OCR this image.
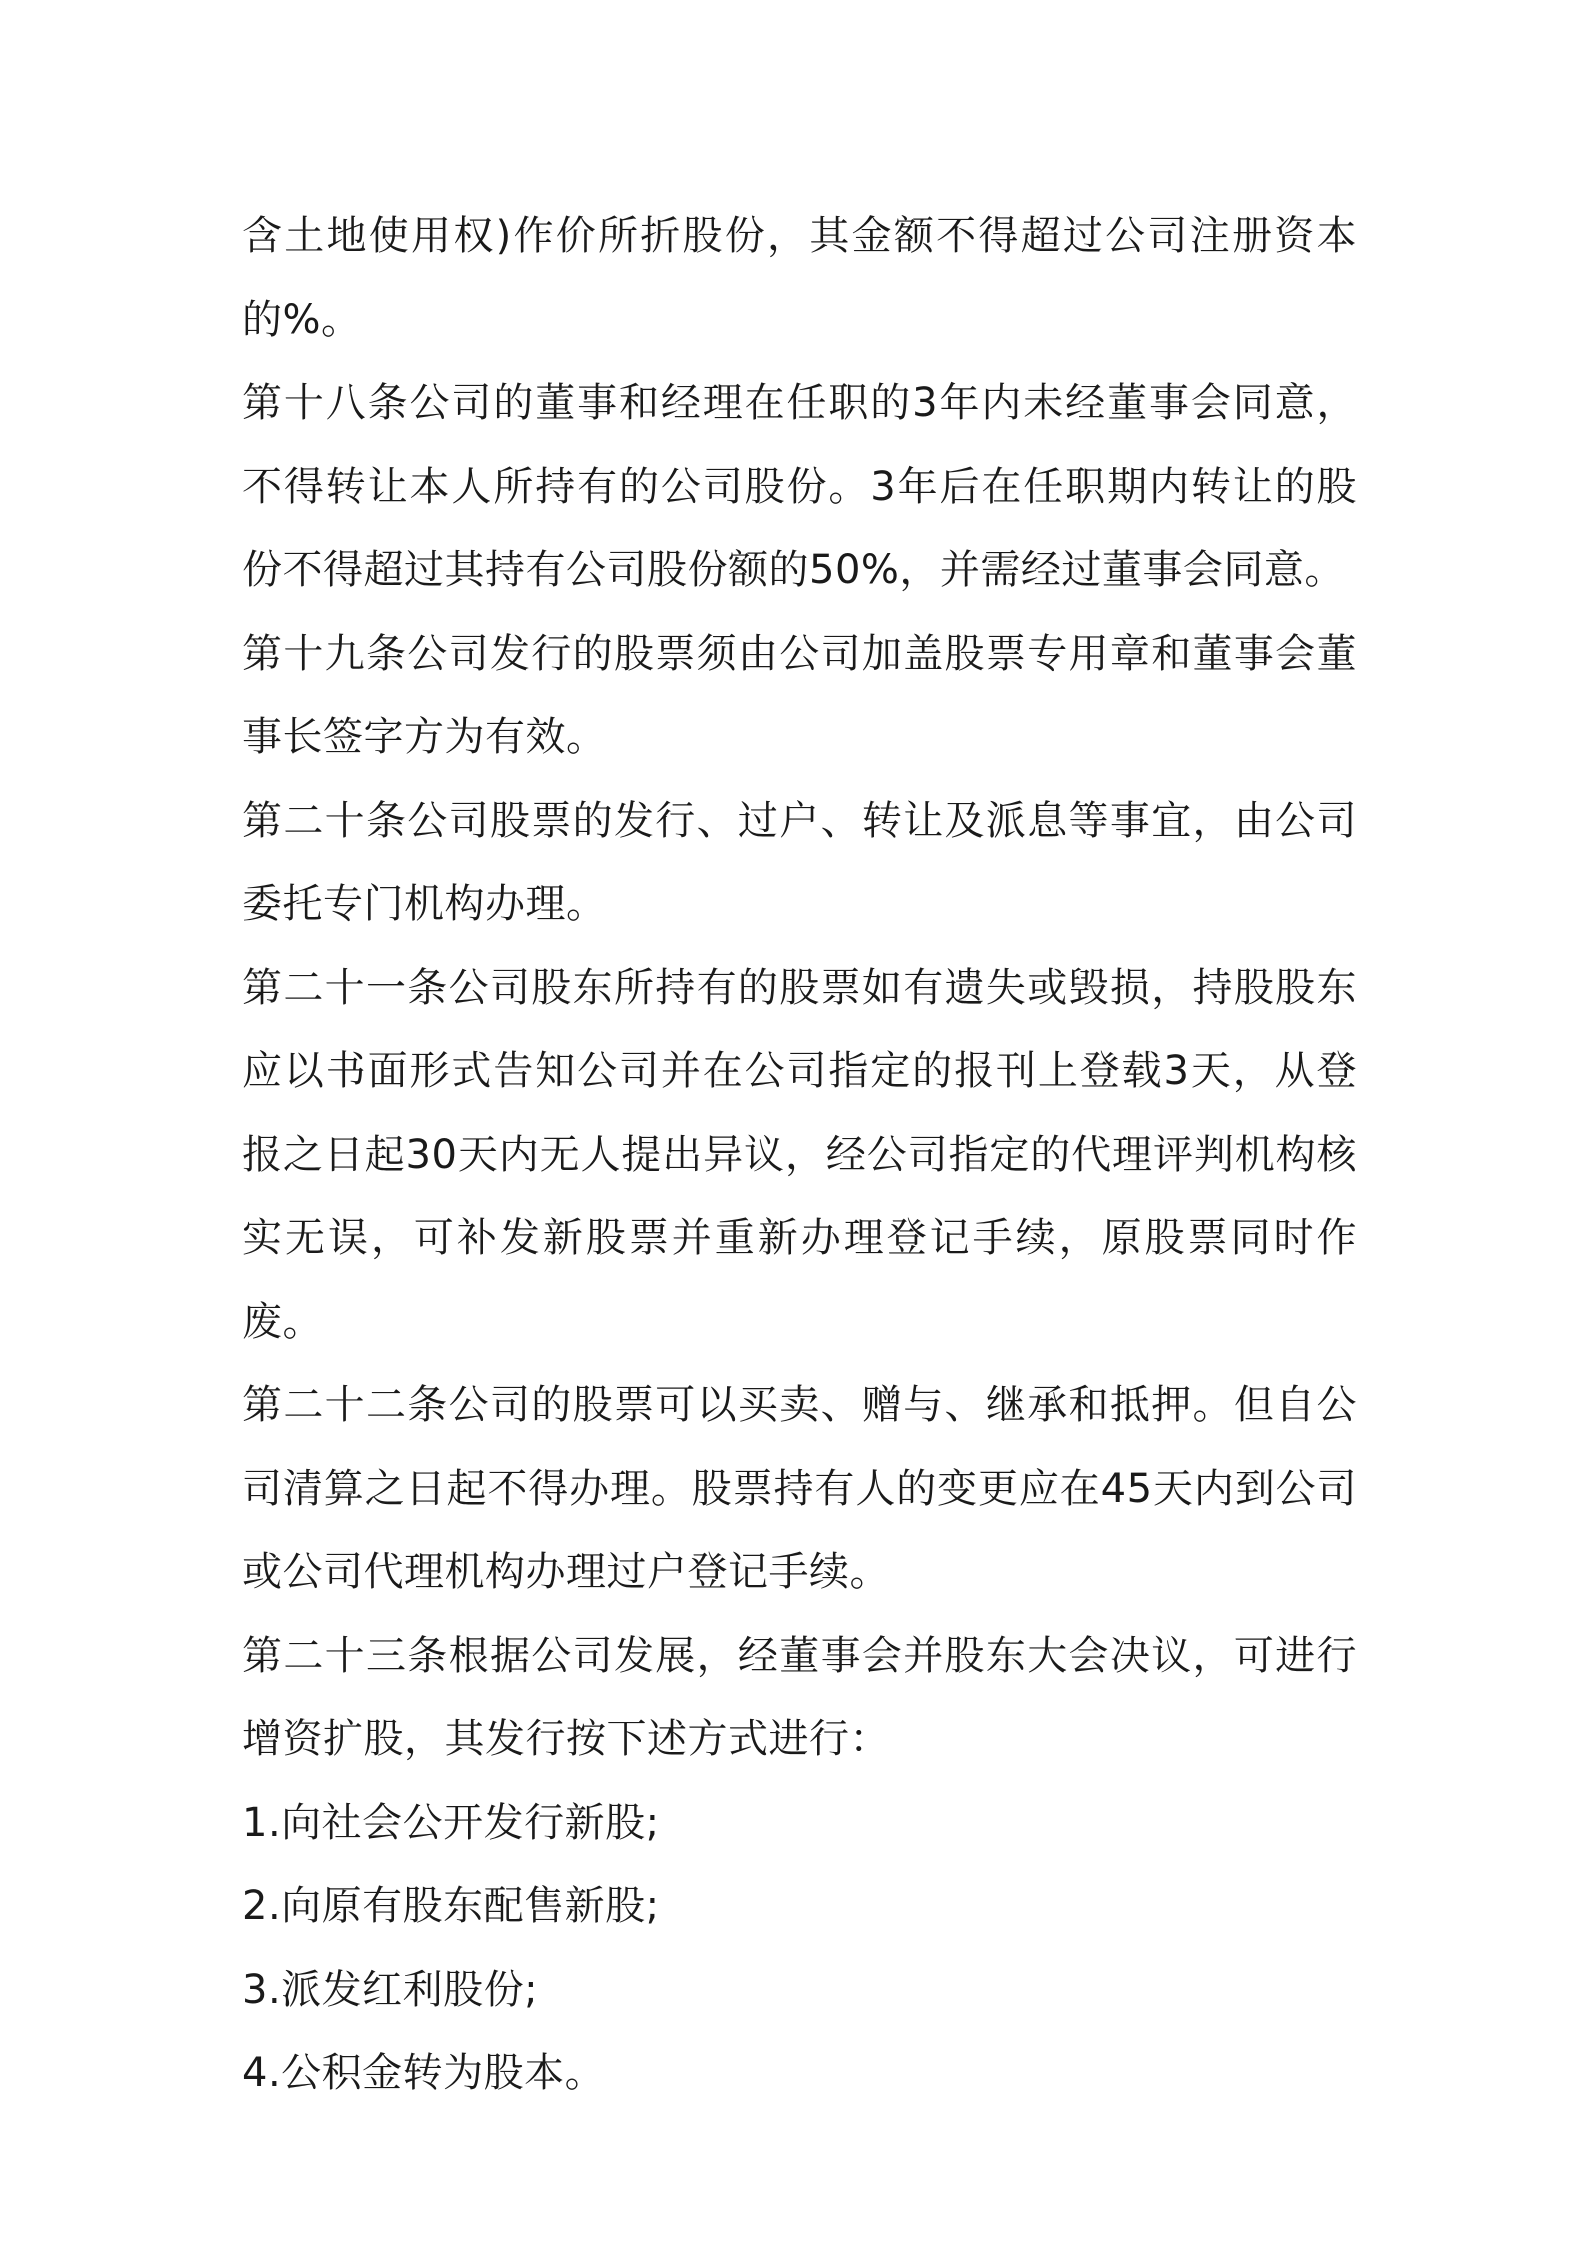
含土地使用权)作价所折股份，其金额不得超过公司注册资本的%。

第十八条公司的董事和经理在任职的3年内未经董事会同意，不得转让本人所持有的公司股份。3年后在任职期内转让的股份不得超过其持有公司股份额的50%，并需经过董事会同意。

第十九条公司发行的股票须由公司加盖股票专用章和董事会董事长签字方为有效。

第二十条公司股票的发行、过户、转让及派息等事宜，由公司委托专门机构办理。

第二十一条公司股东所持有的股票如有遗失或毁损，持股股东应以书面形式告知公司并在公司指定的报刊上登载3天，从登报之日起30天内无人提出异议，经公司指定的代理评判机构核实无误，可补发新股票并重新办理登记手续，原股票同时作废。

第二十二条公司的股票可以买卖、赠与、继承和抵押。但自公司清算之日起不得办理。股票持有人的变更应在45天内到公司或公司代理机构办理过户登记手续。

第二十三条根据公司发展，经董事会并股东大会决议，可进行增资扩股，其发行按下述方式进行：

1.向社会公开发行新股;

2.向原有股东配售新股;

3.派发红利股份;

4.公积金转为股本。
